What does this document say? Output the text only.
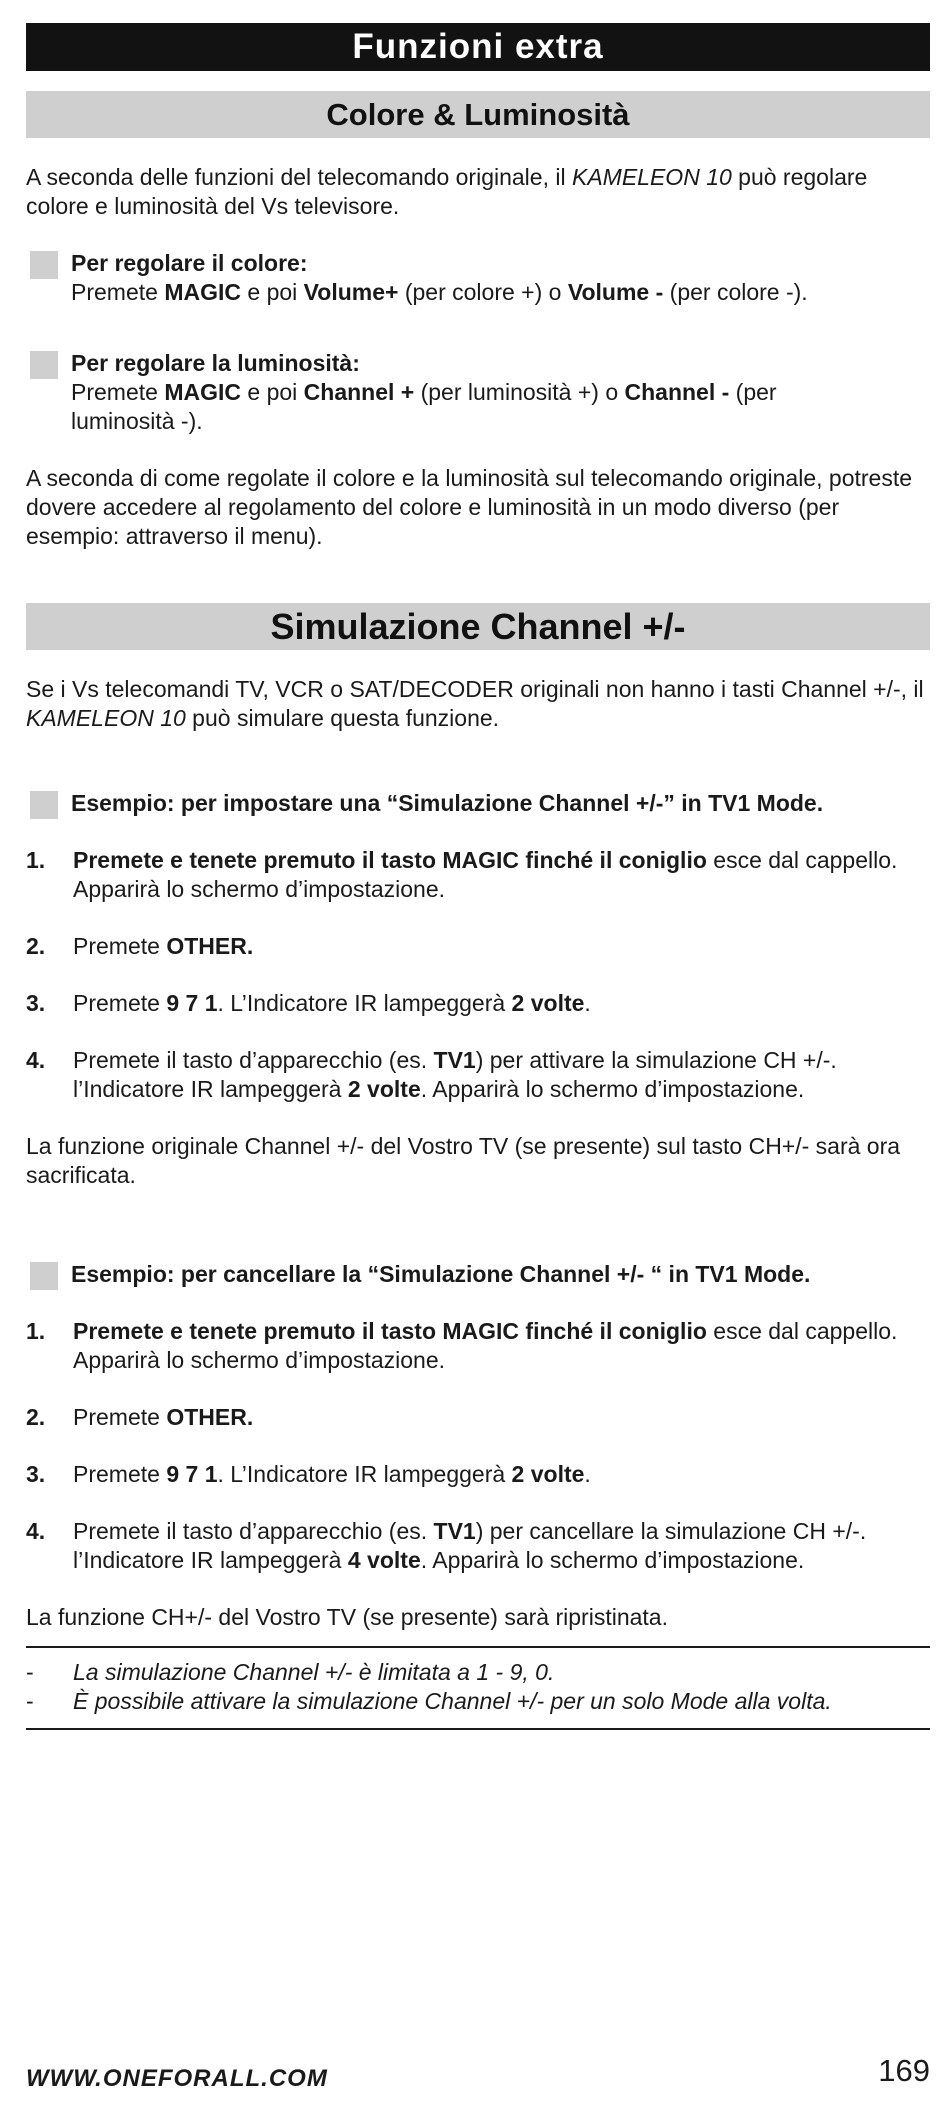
Funzioni extra
Colore & Luminosità

A seconda delle funzioni del telecomando originale, il KAMELEON 10 può regolare colore e luminosità del Vs televisore.

Per regolare il colore:
Premete MAGIC e poi Volume+ (per colore +) o Volume - (per colore -).
Per regolare la luminosità:
Premete MAGIC e poi Channel + (per luminosità +) o Channel - (per luminosità -).

A seconda di come regolate il colore e la luminosità sul telecomando originale, potreste dovere accedere al regolamento del colore e luminosità in un modo diverso (per esempio: attraverso il menu).

Simulazione Channel +/-

Se i Vs telecomandi TV, VCR o SAT/DECODER originali non hanno i tasti Channel +/-, il KAMELEON 10 può simulare questa funzione.

Esempio: per impostare una “Simulazione Channel +/-” in TV1 Mode.
1. Premete e tenete premuto il tasto MAGIC finché il coniglio esce dal cappello. Apparirà lo schermo d’impostazione.
2. Premete OTHER.
3. Premete 9 7 1. L’Indicatore IR lampeggerà 2 volte.
4. Premete il tasto d’apparecchio (es. TV1) per attivare la simulazione CH +/-. l’Indicatore IR lampeggerà 2 volte. Apparirà lo schermo d’impostazione.

La funzione originale Channel +/- del Vostro TV (se presente) sul tasto CH+/- sarà ora sacrificata.

Esempio: per cancellare la “Simulazione Channel +/- “ in TV1 Mode.
1. Premete e tenete premuto il tasto MAGIC finché il coniglio esce dal cappello. Apparirà lo schermo d’impostazione.
2. Premete OTHER.
3. Premete 9 7 1. L’Indicatore IR lampeggerà 2 volte.
4. Premete il tasto d’apparecchio (es. TV1) per cancellare la simulazione CH +/-. l’Indicatore IR lampeggerà 4 volte. Apparirà lo schermo d’impostazione.

La funzione CH+/- del Vostro TV (se presente) sarà ripristinata.

- La simulazione Channel +/- è limitata a 1 - 9, 0.
- È possibile attivare la simulazione Channel +/- per un solo Mode alla volta.
WWW.ONEFORALL.COM	169
